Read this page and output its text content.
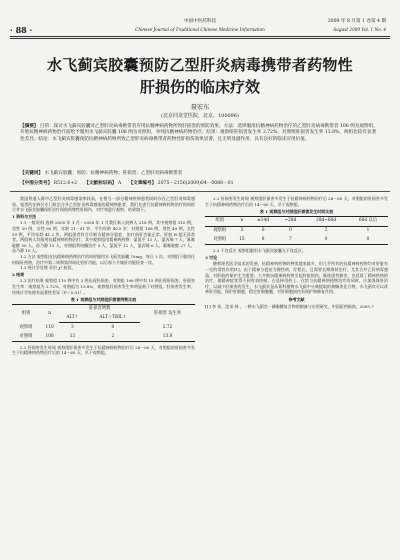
· 88 ·
中国中医药科技
Chinese Journal of Traditional Chinese Medicine Information
2009 年 8 月第 1 卷第 4 期
August 2009 Vol. 1 No. 4
水飞蓟宾胶囊预防乙型肝炎病毒携带者药物性
肝损伤的临床疗效
聂宏东
(北京同龙堂医院，北京，100096)
【摘要】 目的：探讨水飞蓟宾胶囊对乙型肝炎病毒携带者应用抗精神病药物所致肝损害的预防效果。方法：选择服用抗精神病药物治疗的乙型肝炎病毒携带者 100 例为观察组，开始抗精神病药物治疗前给予服用水飞蓟宾胶囊 108 例为对照组，单纯抗精神病药物治疗。结果：观察组肝损害发生率 2.72%，对照组肝损害发生率 13.8%，两组比较有显著性差异。结论：水飞蓟宾胶囊预防抗精神病药物所致乙型肝炎病毒携带者药物性肝损伤效果显著，且无明显副作用，具有良好的临床应用价值。
【关键词】 水飞蓟宾胶囊；预防；抗精神病药物；肝损害；乙型肝炎病毒携带者
【中图分类号】 R512.6+2 【文献标识码】 A 【文章编号】 2075－2156(2009)04－0088－01

我国普通人群中乙型肝炎病毒感染率较高，在相当一部分精神疾病患者同时存在乙型肝炎病毒感染。笔者所在病区专门收治合并乙型肝炎病毒感染的精神病患者，我们在进行抗精神病药物治疗的同时合并水飞蓟宾胶囊保肝治疗预防药物性肝损伤，对疗效进行观察，结果如下。

1 资料与方法

1.1 一般资料 选择 2005 年 1 月－2008 年 1 月我区新入院病人 218 例，其中观察组 110 例，男性 50 例，女性 60 例，年龄 21－51 岁，平均年龄 40.5 岁；对照组 108 例，男性 49 例，女性 59 例，平均年龄 41.2 岁，两组患者符合诊断为精神分裂症，治疗前肝功能正常，肝脏 B 超无异常者。两组病人均服用抗精神病药物治疗，其中观察组用精神病药物：氯氮平 13 人，氯丙嗪 7 人，氟哌啶醇 30 人，奋乃静 15 人，对照组利培酮治疗 9 人，氯氮平 12 人，氯丙嗪 6 人，氟哌啶醇 27 人，奋乃静 10 人。

1.2 方法 观察组在抗精神病药物治疗的同时服用水飞蓟宾胶囊 70mg，每日 3 次。对照组不服用任何保肝药物，治疗中第二周和第四周化验肝功能，以后每个月做肝功能检查一次。

1.3 统计学处理 采用 χ² 检验。

2 结果

2.1 治疗结果 观察组 110 例中有 3 例出现肝损害，对照组 108 例中有 15 例出现肝损害。肝损害发生率：观察组为 2.72%，对照组为 13.8%，观察组肝损害发生率明显低于对照组。肝损害发生率，经统计学处理有显著性差异（P＜0.01）。

表 1 观察组与对照组肝损害例数比较
组别	n	肝损害例数		肝损害 发生率
		ALT↑	ALT＋TBIL↑	
观察组	110	3	0	2.72
对照组	108	13	2	13.8

2.2 肝损害发生时间 观察组肝损害多发生于抗精神病药物治疗后 28－60 天，对照组的肝损害多发生于抗精神病药物治疗后的 14－60 天，早于观察组。

2.2 肝损害发生时间 观察组肝损害多发生于抗精神病药物治疗后 28－60 天，对照组的肝损害多发生于抗精神病药物治疗后的 14－60 天，早于观察组。

表 1 观察组与对照组肝损害发生时间比较
组别	n	≤14d	~28d	28d~60d	60d 以后
观察组	3	0	0	2	1
对照组	15	8	7	0	0

2.3 不良反应 观察组服用水飞蓟宾胶囊无不良反应。

3 讨论

随着现代医学技术的发展，抗精神病药物的种类越来越多，但几乎所有的抗精神病药物均对肝脏有一定的毒性作用[1]。由于精神分裂症为慢性病，疗程长，且需要长期维持治疗，尤其合并乙肝病毒感染，对肝脏的保护尤为重要。大多数抗精神病药物引起肝脏损伤，既使患者痛苦，也延误了精神疾病的治疗，使精神症状得不到有效控制。在选择用药上，在给与抗精神病药物治疗的同时，应加强保肝治疗，以减少肝损害的发生。水飞蓟宾是从菊科植物水飞蓟中分离提取的黄酮类化合物，水飞蓟宾可以改善肝功能，保护肝细胞，稳定肝细胞膜，对肝细胞损伤有保护和修复作用。

参考文献
[1] 李 伟，沈承 林 ，一种水飞蓟宾－磷脂酸复合物的制备与应用研究，中国医药指南，2005,7
